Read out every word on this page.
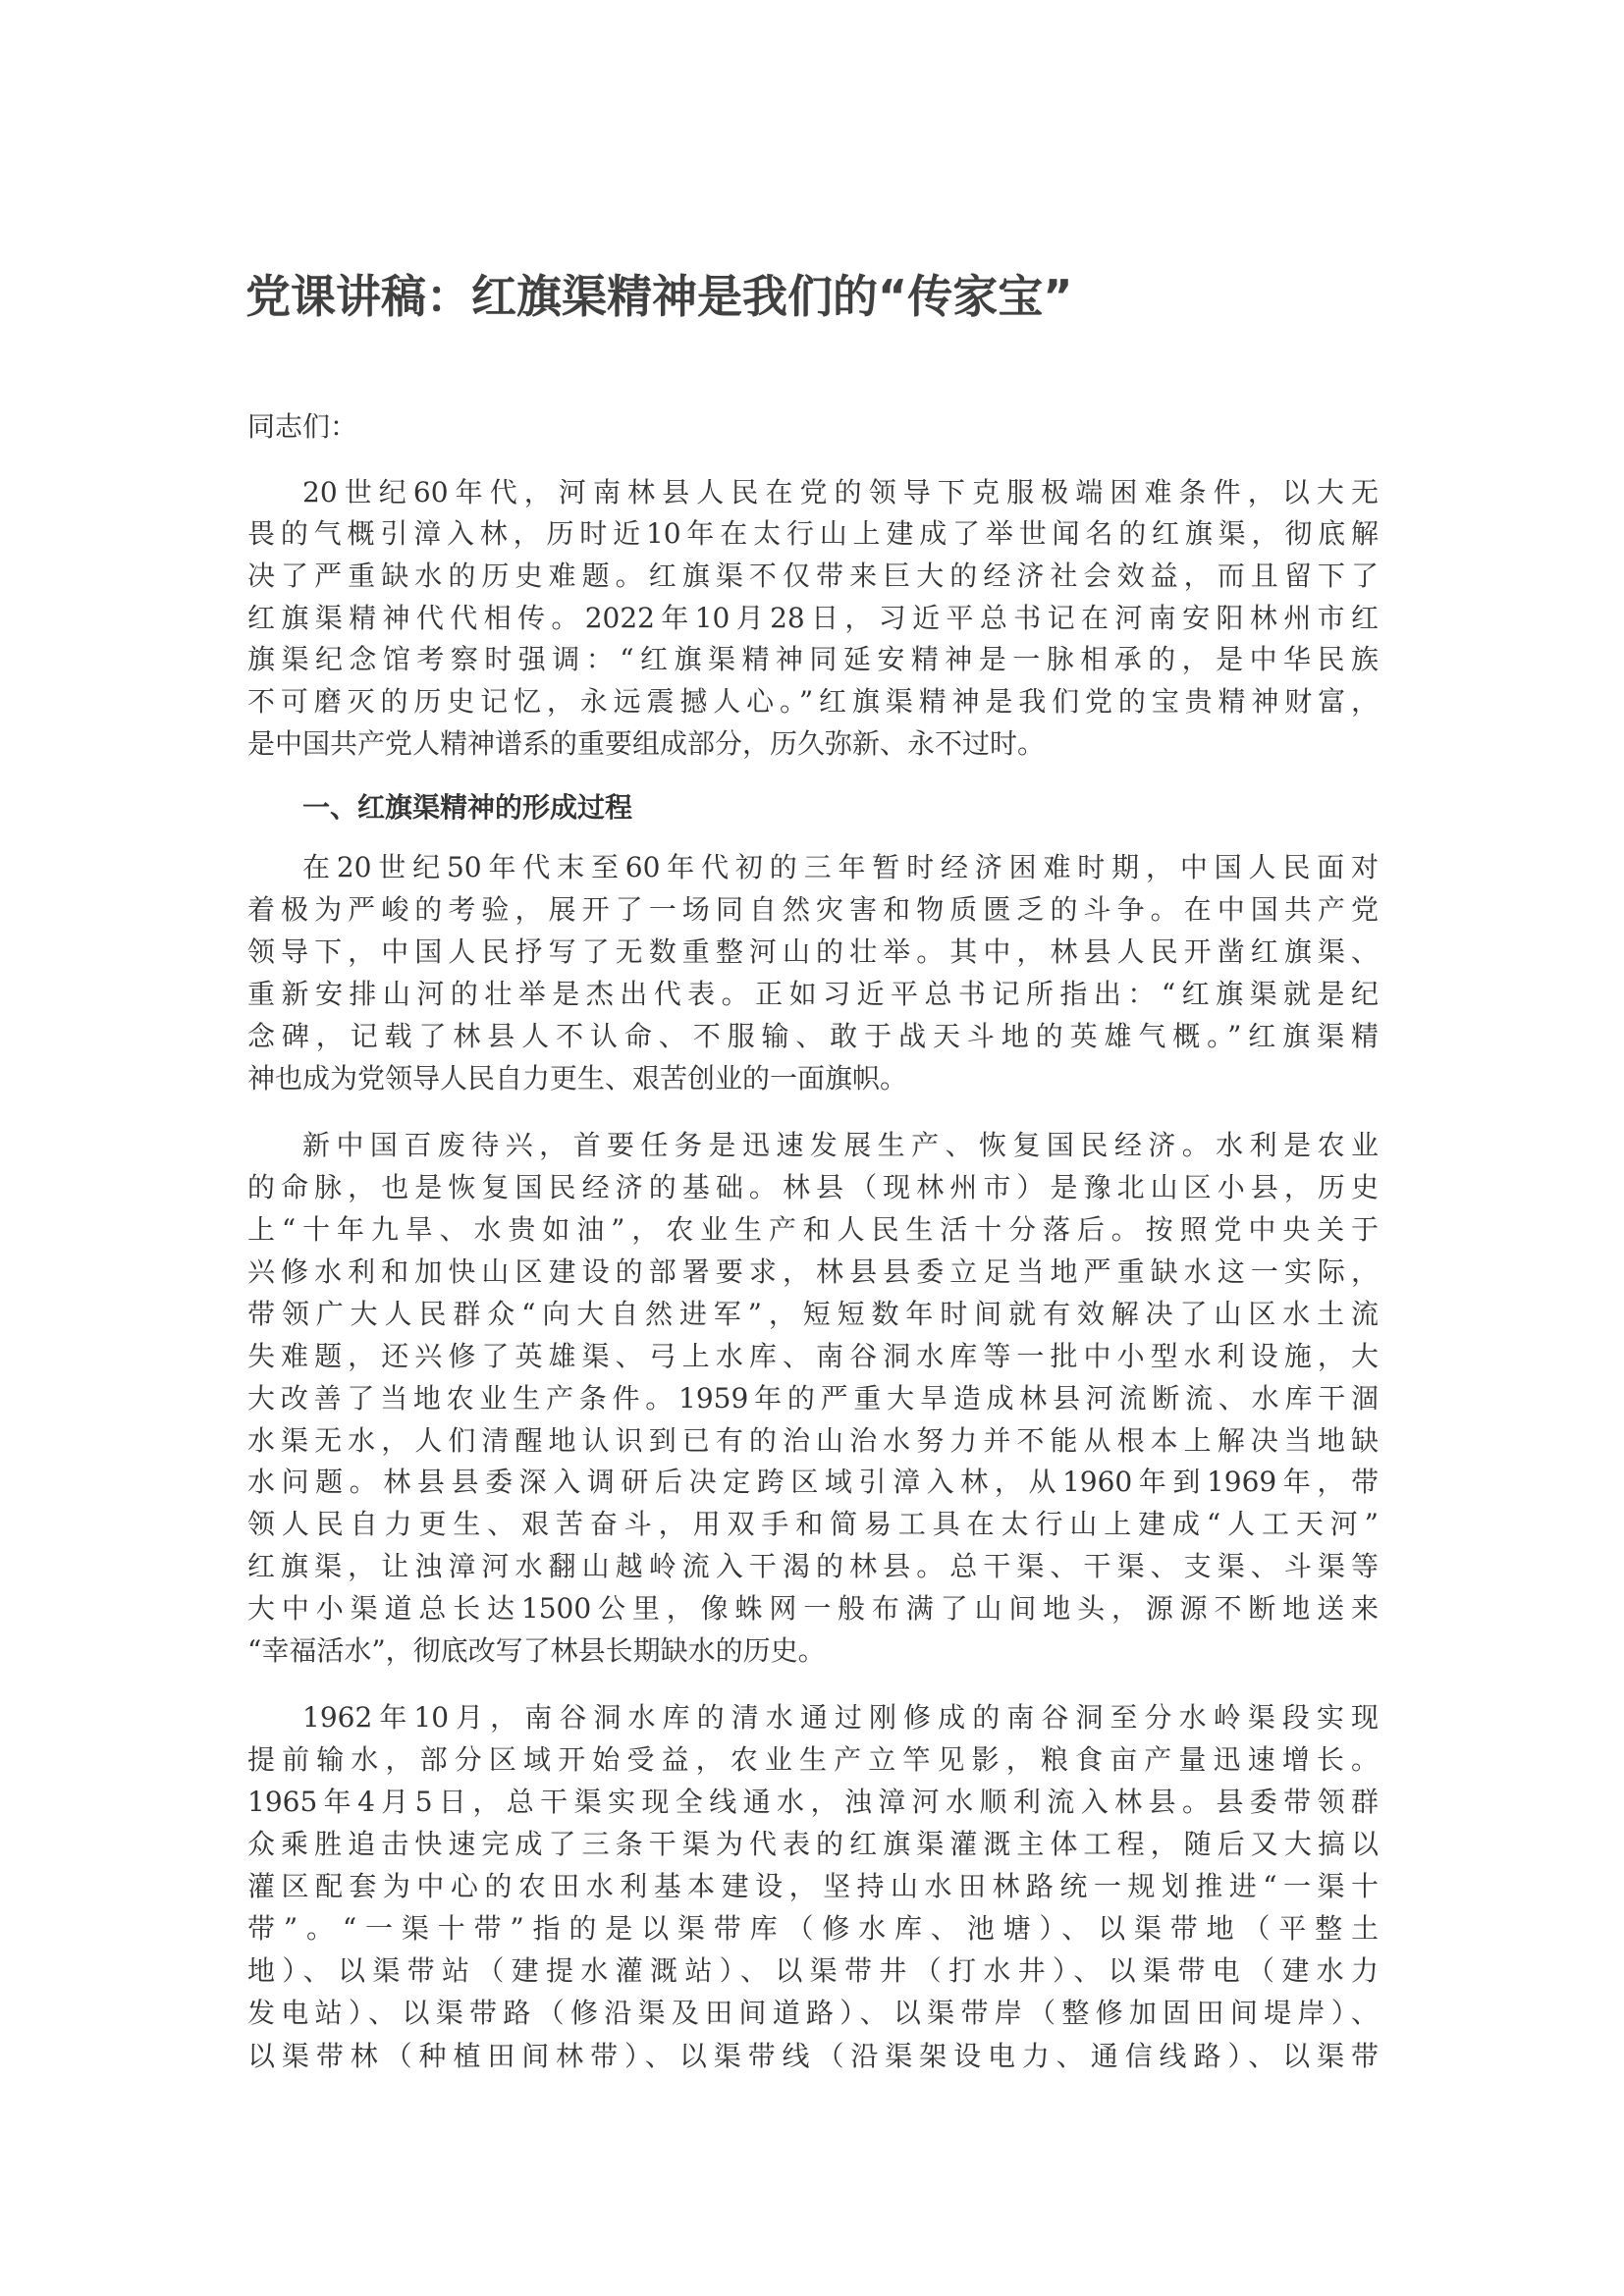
党课讲稿：红旗渠精神是我们的“传家宝”
同志们：
20世纪60年代，河南林县人民在党的领导下克服极端困难条件，以大无
畏的气概引漳入林，历时近10年在太行山上建成了举世闻名的红旗渠，彻底解
决了严重缺水的历史难题。红旗渠不仅带来巨大的经济社会效益，而且留下了
红旗渠精神代代相传。2022年10月28日，习近平总书记在河南安阳林州市红
旗渠纪念馆考察时强调：“红旗渠精神同延安精神是一脉相承的，是中华民族
不可磨灭的历史记忆，永远震撼人心。”红旗渠精神是我们党的宝贵精神财富，
是中国共产党人精神谱系的重要组成部分，历久弥新、永不过时。
一、红旗渠精神的形成过程
在20世纪50年代末至60年代初的三年暂时经济困难时期，中国人民面对
着极为严峻的考验，展开了一场同自然灾害和物质匮乏的斗争。在中国共产党
领导下，中国人民抒写了无数重整河山的壮举。其中，林县人民开凿红旗渠、
重新安排山河的壮举是杰出代表。正如习近平总书记所指出：“红旗渠就是纪
念碑，记载了林县人不认命、不服输、敢于战天斗地的英雄气概。”红旗渠精
神也成为党领导人民自力更生、艰苦创业的一面旗帜。
新中国百废待兴，首要任务是迅速发展生产、恢复国民经济。水利是农业
的命脉，也是恢复国民经济的基础。林县（现林州市）是豫北山区小县，历史
上“十年九旱、水贵如油”，农业生产和人民生活十分落后。按照党中央关于
兴修水利和加快山区建设的部署要求，林县县委立足当地严重缺水这一实际，
带领广大人民群众“向大自然进军”，短短数年时间就有效解决了山区水土流
失难题，还兴修了英雄渠、弓上水库、南谷洞水库等一批中小型水利设施，大
大改善了当地农业生产条件。1959年的严重大旱造成林县河流断流、水库干涸
水渠无水，人们清醒地认识到已有的治山治水努力并不能从根本上解决当地缺
水问题。林县县委深入调研后决定跨区域引漳入林，从1960年到1969年，带
领人民自力更生、艰苦奋斗，用双手和简易工具在太行山上建成“人工天河”
红旗渠，让浊漳河水翻山越岭流入干渴的林县。总干渠、干渠、支渠、斗渠等
大中小渠道总长达1500公里，像蛛网一般布满了山间地头，源源不断地送来
“幸福活水”，彻底改写了林县长期缺水的历史。
1962年10月，南谷洞水库的清水通过刚修成的南谷洞至分水岭渠段实现
提前输水，部分区域开始受益，农业生产立竿见影，粮食亩产量迅速增长。
1965年4月5日，总干渠实现全线通水，浊漳河水顺利流入林县。县委带领群
众乘胜追击快速完成了三条干渠为代表的红旗渠灌溉主体工程，随后又大搞以
灌区配套为中心的农田水利基本建设，坚持山水田林路统一规划推进“一渠十
带”。“一渠十带”指的是以渠带库（修水库、池塘）、以渠带地（平整土
地）、以渠带站（建提水灌溉站）、以渠带井（打水井）、以渠带电（建水力
发电站）、以渠带路（修沿渠及田间道路）、以渠带岸（整修加固田间堤岸）、
以渠带林（种植田间林带）、以渠带线（沿渠架设电力、通信线路）、以渠带
